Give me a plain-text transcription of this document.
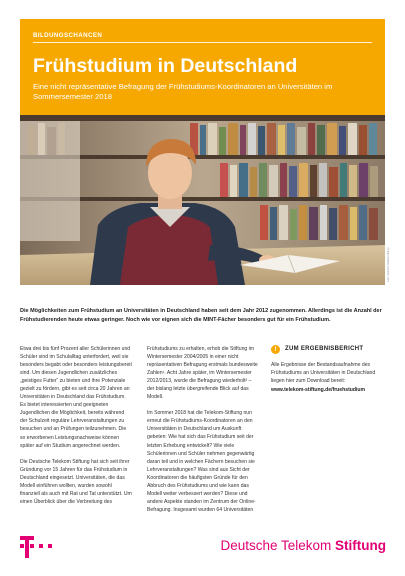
BILDUNGSCHANCEN
Frühstudium in Deutschland
Eine nicht repräsentative Befragung der Frühstudiums-Koordinatoren an Universitäten im Sommersemester 2018
Foto: Deutsche Telekom Stiftung
Die Möglichkeiten zum Frühstudium an Universitäten in Deutschland haben seit dem Jahr 2012 zugenommen. Allerdings ist die Anzahl der Frühstudierenden heute etwas geringer. Noch wie vor eignen sich die MINT-Fächer besonders gut für ein Frühstudium.

Etwa drei bis fünf Prozent aller Schülerinnen und Schüler sind im Schulalltag unterfordert, weil sie besonders begabt oder besonders leistungsbereit sind. Um diesen Jugendlichen zusätzliches „geistiges Futter“ zu bieten und ihre Potenziale gezielt zu fördern, gibt es seit circa 20 Jahren an Universitäten in Deutschland das Frühstudium. Es bietet interessierten und geeigneten Jugendlichen die Möglichkeit, bereits während der Schulzeit reguläre Lehrveranstaltungen zu besuchen und an Prüfungen teilzunehmen. Die so erworbenen Leistungsnachweise können später auf ein Studium angerechnet werden.

Die Deutsche Telekom Stiftung hat sich seit ihrer Gründung vor 15 Jahren für das Frühstudium in Deutschland eingesetzt. Universitäten, die das Modell einführen wollten, wurden sowohl finanziell als auch mit Rat und Tat unterstützt. Um einen Überblick über die Verbreitung des

Frühstudiums zu erhalten, erhob die Stiftung im Wintersemester 2004/2005 in einer nicht repräsentativen Befragung erstmals bundesweite Zahlen¹. Acht Jahre später, im Wintersemester 2012/2013, wurde die Befragung wiederholt² – der bislang letzte übergreifende Blick auf das Modell.

Im Sommer 2018 hat die Telekom-Stiftung nun erneut die Frühstudiums-Koordinatoren an den Universitäten in Deutschland um Auskunft gebeten: Wie hat sich das Frühstudium seit der letzten Erhebung entwickelt? Wie viele Schülerinnen und Schüler nehmen gegenwärtig daran teil und in welchen Fächern besuchen sie Lehrveranstaltungen? Was sind aus Sicht der Koordinatoren die häufigsten Gründe für den Abbruch des Frühstudiums und wie kann das Modell weiter verbessert werden? Diese und andere Aspekte standen im Zentrum der Online-Befragung. Insgesamt wurden 64 Universitäten

!	ZUM ERGEBNISBERICHT
Alle Ergebnisse der Bestandsaufnahme des Frühstudiums an Universitäten in Deutschland liegen hier zum Download bereit:
www.telekom-stiftung.de/fruehstudium
Deutsche Telekom Stiftung
